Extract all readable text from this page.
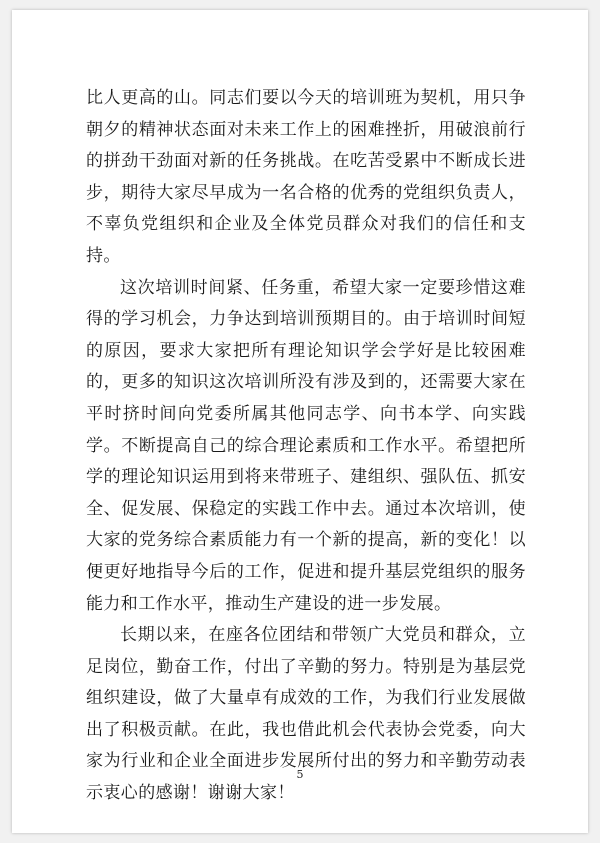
比人更高的山。同志们要以今天的培训班为契机，用只争朝夕的精神状态面对未来工作上的困难挫折，用破浪前行的拼劲干劲面对新的任务挑战。在吃苦受累中不断成长进步，期待大家尽早成为一名合格的优秀的党组织负责人，不辜负党组织和企业及全体党员群众对我们的信任和支持。

这次培训时间紧、任务重，希望大家一定要珍惜这难得的学习机会，力争达到培训预期目的。由于培训时间短的原因，要求大家把所有理论知识学会学好是比较困难的，更多的知识这次培训所没有涉及到的，还需要大家在平时挤时间向党委所属其他同志学、向书本学、向实践学。不断提高自己的综合理论素质和工作水平。希望把所学的理论知识运用到将来带班子、建组织、强队伍、抓安全、促发展、保稳定的实践工作中去。通过本次培训，使大家的党务综合素质能力有一个新的提高，新的变化！以便更好地指导今后的工作，促进和提升基层党组织的服务能力和工作水平，推动生产建设的进一步发展。

长期以来，在座各位团结和带领广大党员和群众，立足岗位，勤奋工作，付出了辛勤的努力。特别是为基层党组织建设，做了大量卓有成效的工作，为我们行业发展做出了积极贡献。在此，我也借此机会代表协会党委，向大家为行业和企业全面进步发展所付出的努力和辛勤劳动表示衷心的感谢！谢谢大家！

5
